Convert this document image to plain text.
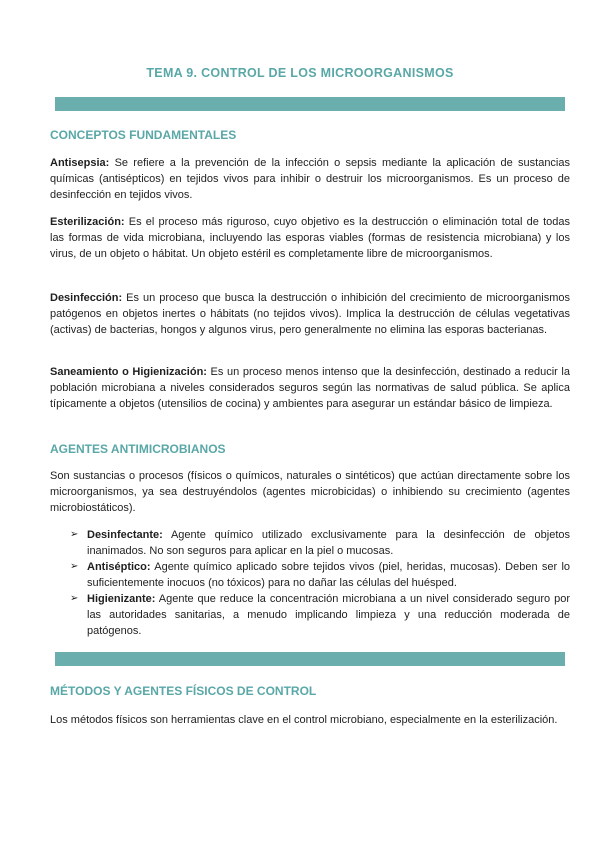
TEMA 9. CONTROL DE LOS MICROORGANISMOS
CONCEPTOS FUNDAMENTALES

Antisepsia: Se refiere a la prevención de la infección o sepsis mediante la aplicación de sustancias químicas (antisépticos) en tejidos vivos para inhibir o destruir los microorganismos. Es un proceso de desinfección en tejidos vivos.

Esterilización: Es el proceso más riguroso, cuyo objetivo es la destrucción o eliminación total de todas las formas de vida microbiana, incluyendo las esporas viables (formas de resistencia microbiana) y los virus, de un objeto o hábitat. Un objeto estéril es completamente libre de microorganismos.

Desinfección: Es un proceso que busca la destrucción o inhibición del crecimiento de microorganismos patógenos en objetos inertes o hábitats (no tejidos vivos). Implica la destrucción de células vegetativas (activas) de bacterias, hongos y algunos virus, pero generalmente no elimina las esporas bacterianas.

Saneamiento o Higienización: Es un proceso menos intenso que la desinfección, destinado a reducir la población microbiana a niveles considerados seguros según las normativas de salud pública. Se aplica típicamente a objetos (utensilios de cocina) y ambientes para asegurar un estándar básico de limpieza.

AGENTES ANTIMICROBIANOS

Son sustancias o procesos (físicos o químicos, naturales o sintéticos) que actúan directamente sobre los microorganismos, ya sea destruyéndolos (agentes microbicidas) o inhibiendo su crecimiento (agentes microbiostáticos).

➢ Desinfectante: Agente químico utilizado exclusivamente para la desinfección de objetos inanimados. No son seguros para aplicar en la piel o mucosas.
➢ Antiséptico: Agente químico aplicado sobre tejidos vivos (piel, heridas, mucosas). Deben ser lo suficientemente inocuos (no tóxicos) para no dañar las células del huésped.
➢ Higienizante: Agente que reduce la concentración microbiana a un nivel considerado seguro por las autoridades sanitarias, a menudo implicando limpieza y una reducción moderada de patógenos.
MÉTODOS Y AGENTES FÍSICOS DE CONTROL

Los métodos físicos son herramientas clave en el control microbiano, especialmente en la esterilización.
